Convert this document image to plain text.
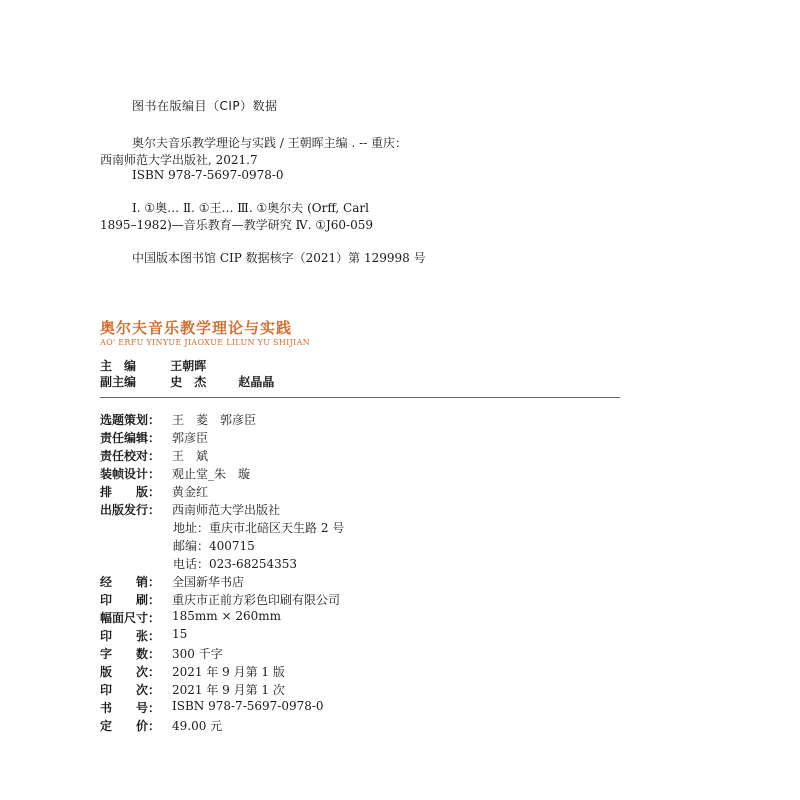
图书在版编目（CIP）数据
奥尔夫音乐教学理论与实践 / 王朝晖主编 . -- 重庆：
西南师范大学出版社, 2021.7
ISBN 978-7-5697-0978-0
Ⅰ. ①奥… Ⅱ. ①王… Ⅲ. ①奥尔夫 (Orff, Carl
1895–1982)—音乐教育—教学研究 Ⅳ. ①J60-059
中国版本图书馆 CIP 数据核字（2021）第 129998 号
奥尔夫音乐教学理论与实践
AO' ERFU YINYUE JIAOXUE LILUN YU SHIJIAN
主　编	王朝晖
副主编	史　杰	赵晶晶
选题策划： 王　菱　郭彦臣
责任编辑： 郭彦臣
责任校对： 王　斌
装帧设计： 观止堂_朱　璇
排　　版： 黄金红
出版发行： 西南师范大学出版社
地址：重庆市北碚区天生路 2 号
邮编：400715
电话：023-68254353
经　　销： 全国新华书店
印　　刷： 重庆市正前方彩色印刷有限公司
幅面尺寸： 185mm × 260mm
印　　张： 15
字　　数： 300 千字
版　　次： 2021 年 9 月第 1 版
印　　次： 2021 年 9 月第 1 次
书　　号： ISBN 978-7-5697-0978-0
定　　价： 49.00 元
